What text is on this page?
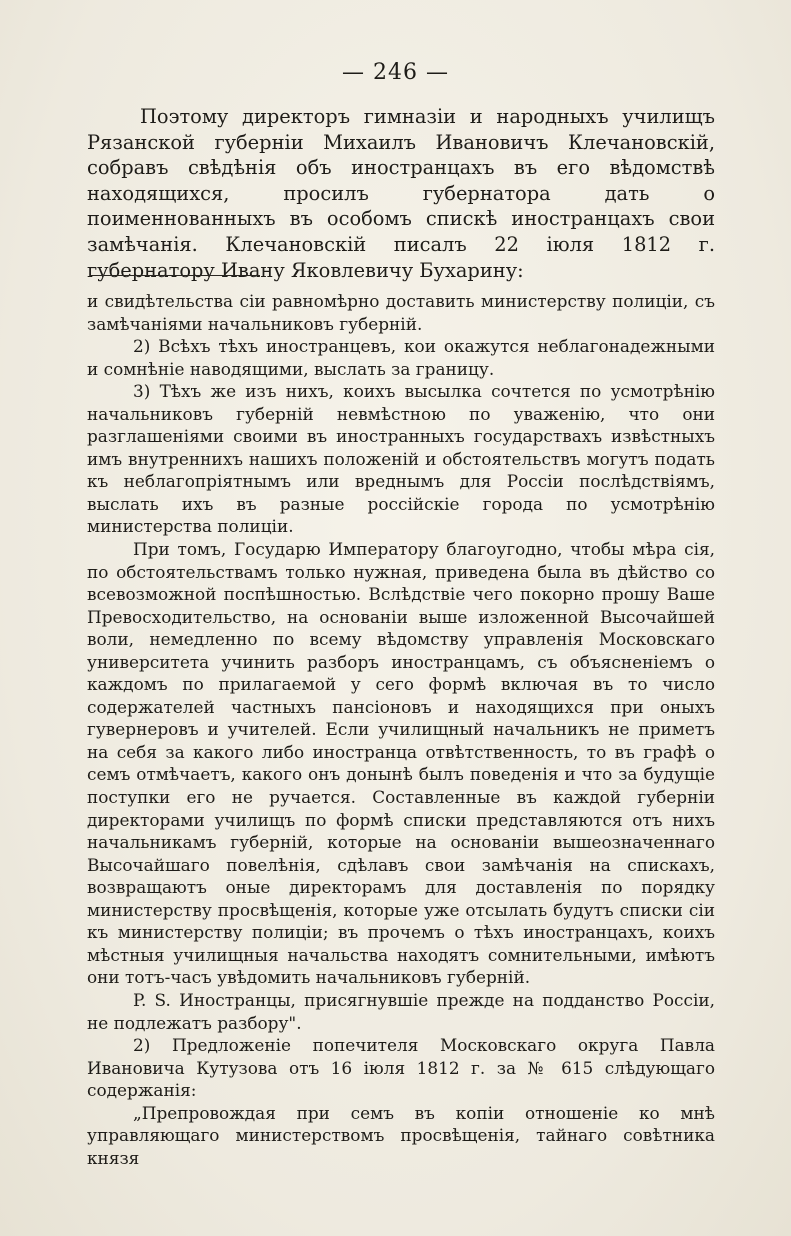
— 246 —

Поэтому директоръ гимназіи и народныхъ училищъ Рязанской губерніи Михаилъ Ивановичъ Клечановскій, собравъ свѣдѣнія объ иностранцахъ въ его вѣдомствѣ находящихся, просилъ губернатора дать о поименнованныхъ въ особомъ спискѣ иностранцахъ свои замѣчанія. Клечановскій писалъ 22 іюля 1812 г. губернатору Ивану Яковлевичу Бухарину:

и свидѣтельства сіи равномѣрно доставить министерству полиціи, съ замѣчаніями начальниковъ губерній.

2) Всѣхъ тѣхъ иностранцевъ, кои окажутся неблагонадежными и сомнѣніе наводящими, выслать за границу.

3) Тѣхъ же изъ нихъ, коихъ высылка сочтется по усмотрѣнію начальниковъ губерній невмѣстною по уваженію, что они разглашеніями своими въ иностранныхъ государствахъ извѣстныхъ имъ внутреннихъ нашихъ положеній и обстоятельствъ могутъ подать къ неблагопріятнымъ или вреднымъ для Россіи послѣдствіямъ, выслать ихъ въ разные россійскіе города по усмотрѣнію министерства полиціи.

При томъ, Государю Императору благоугодно, чтобы мѣра сія, по обстоятельствамъ только нужная, приведена была въ дѣйство со всевозможной поспѣшностью. Вслѣдствіе чего покорно прошу Ваше Превосходительство, на основаніи выше изложенной Высочайшей воли, немедленно по всему вѣдомству управленія Московскаго университета учинить разборъ иностранцамъ, съ объясненіемъ о каждомъ по прилагаемой у сего формѣ включая въ то число содержателей частныхъ пансіоновъ и находящихся при оныхъ гувернеровъ и учителей. Если училищный начальникъ не приметъ на себя за какого либо иностранца отвѣтственность, то въ графѣ о семъ отмѣчаетъ, какого онъ донынѣ былъ поведенія и что за будущіе поступки его не ручается. Составленные въ каждой губерніи директорами училищъ по формѣ списки представляются отъ нихъ начальникамъ губерній, которые на основаніи вышеозначеннаго Высочайшаго повелѣнія, сдѣлавъ свои замѣчанія на спискахъ, возвращаютъ оные директорамъ для доставленія по порядку министерству просвѣщенія, которые уже отсылать будутъ списки сіи къ министерству полиціи; въ прочемъ о тѣхъ иностранцахъ, коихъ мѣстныя училищныя начальства находятъ сомнительными, имѣютъ они тотъ-часъ увѣдомить начальниковъ губерній.

P. S. Иностранцы, присягнувшіе прежде на подданство Россіи, не подлежатъ разбору".

2) Предложеніе попечителя Московскаго округа Павла Ивановича Кутузова отъ 16 іюля 1812 г. за № 615 слѣдующаго содержанія:

„Препровождая при семъ въ копіи отношеніе ко мнѣ управляющаго министерствомъ просвѣщенія, тайнаго совѣтника князя
